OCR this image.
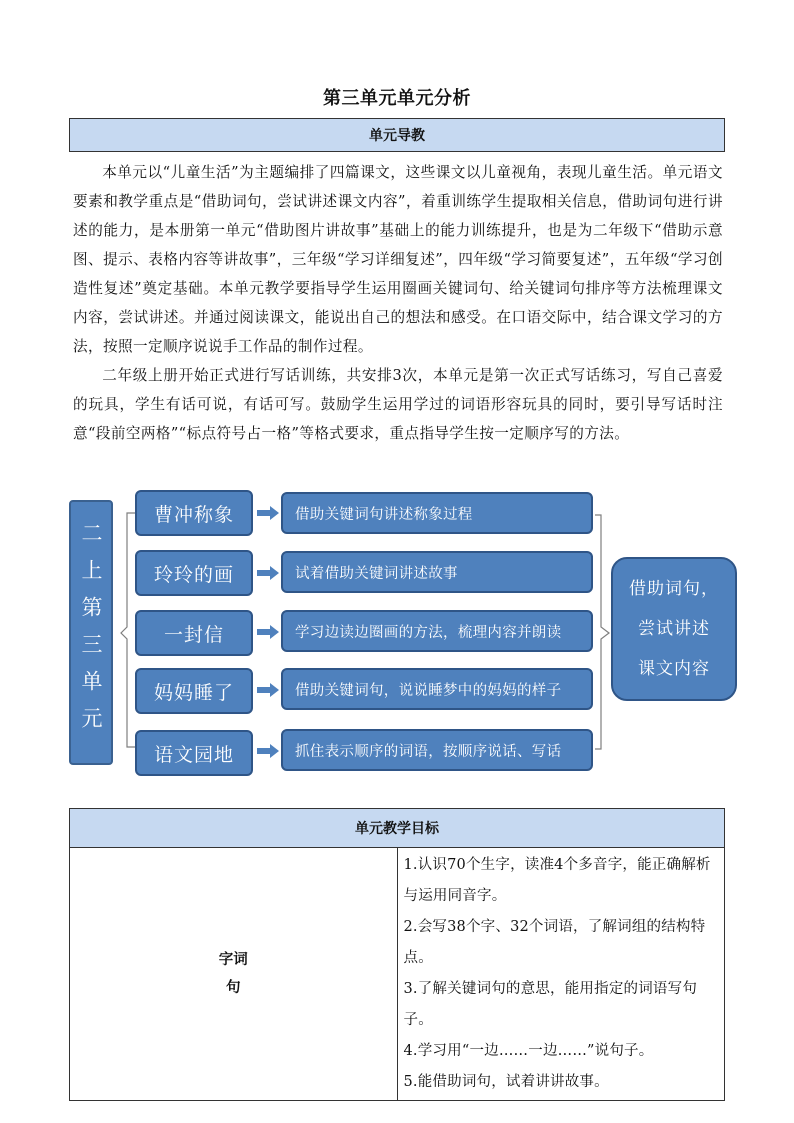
第三单元单元分析
单元导教

本单元以“儿童生活”为主题编排了四篇课文，这些课文以儿童视角，表现儿童生活。单元语文要素和教学重点是“借助词句，尝试讲述课文内容”，着重训练学生提取相关信息，借助词句进行讲述的能力，是本册第一单元“借助图片讲故事”基础上的能力训练提升，也是为二年级下“借助示意图、提示、表格内容等讲故事”，三年级“学习详细复述”，四年级“学习简要复述”，五年级“学习创造性复述”奠定基础。本单元教学要指导学生运用圈画关键词句、给关键词句排序等方法梳理课文内容，尝试讲述。并通过阅读课文，能说出自己的想法和感受。在口语交际中，结合课文学习的方法，按照一定顺序说说手工作品的制作过程。

二年级上册开始正式进行写话训练，共安排3次，本单元是第一次正式写话练习，写自己喜爱的玩具，学生有话可说，有话可写。鼓励学生运用学过的词语形容玩具的同时，要引导写话时注意“段前空两格”“标点符号占一格”等格式要求，重点指导学生按一定顺序写的方法。

二上第三单元
曹冲称象
玲玲的画
一封信
妈妈睡了
语文园地
借助关键词句讲述称象过程
试着借助关键词讲述故事
学习边读边圈画的方法，梳理内容并朗读
借助关键词句，说说睡梦中的妈妈的样子
抓住表示顺序的词语，按顺序说话、写话
借助词句，
尝试讲述
课文内容
单元教学目标

字词句

1.认识70个生字，读准4个多音字，能正确解析与运用同音字。
2.会写38个字、32个词语，了解词组的结构特点。
3.了解关键词句的意思，能用指定的词语写句子。
4.学习用“一边……一边……”说句子。
5.能借助词句，试着讲讲故事。
